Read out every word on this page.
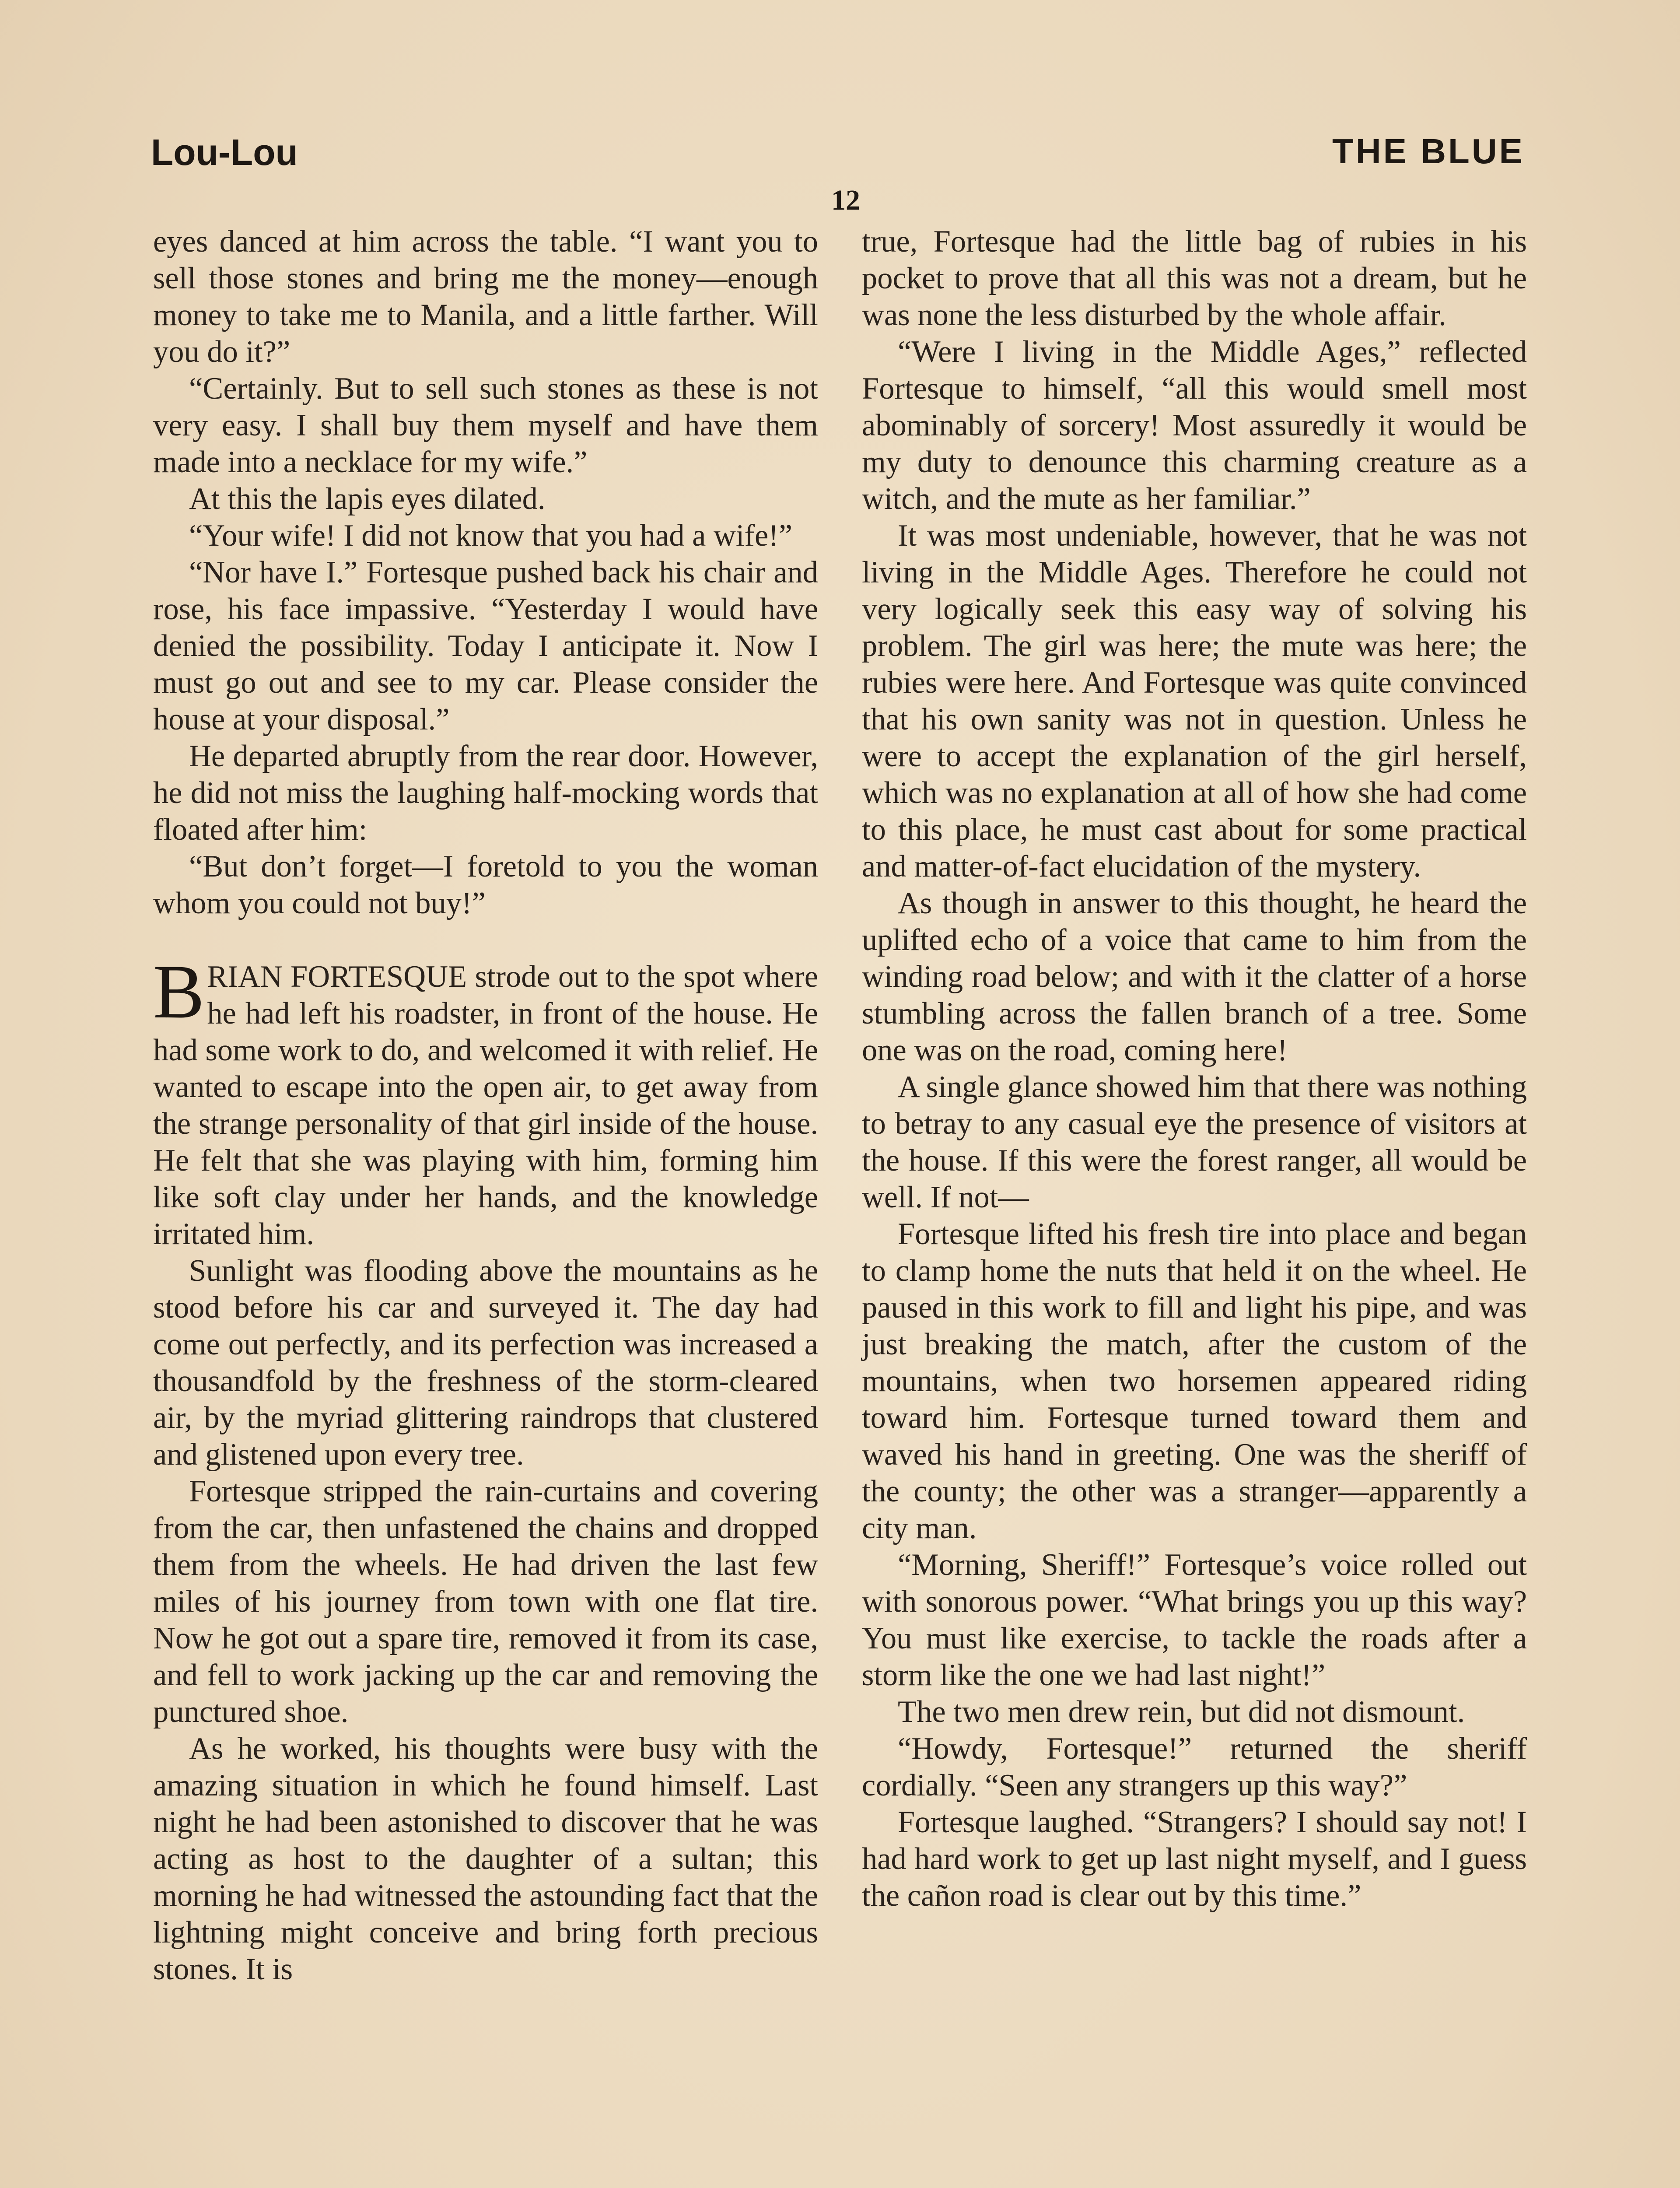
Lou-Lou	THE BLUE
12

eyes danced at him across the table. “I want you to sell those stones and bring me the money—enough money to take me to Manila, and a little farther. Will you do it?”

“Certainly. But to sell such stones as these is not very easy. I shall buy them myself and have them made into a necklace for my wife.”

At this the lapis eyes dilated.

“Your wife! I did not know that you had a wife!”

“Nor have I.” Fortesque pushed back his chair and rose, his face impassive. “Yesterday I would have denied the possibility. Today I anticipate it. Now I must go out and see to my car. Please consider the house at your disposal.”

He departed abruptly from the rear door. However, he did not miss the laughing half-mocking words that floated after him:

“But don’t forget—I foretold to you the woman whom you could not buy!”

BRIAN FORTESQUE strode out to the spot where he had left his roadster, in front of the house. He had some work to do, and welcomed it with relief. He wanted to escape into the open air, to get away from the strange personality of that girl inside of the house. He felt that she was playing with him, forming him like soft clay under her hands, and the knowledge irritated him.

Sunlight was flooding above the mountains as he stood before his car and surveyed it. The day had come out perfectly, and its perfection was increased a thousandfold by the freshness of the storm-cleared air, by the myriad glittering raindrops that clustered and glistened upon every tree.

Fortesque stripped the rain-curtains and covering from the car, then unfastened the chains and dropped them from the wheels. He had driven the last few miles of his journey from town with one flat tire. Now he got out a spare tire, removed it from its case, and fell to work jacking up the car and removing the punctured shoe.

As he worked, his thoughts were busy with the amazing situation in which he found himself. Last night he had been astonished to discover that he was acting as host to the daughter of a sultan; this morning he had witnessed the astounding fact that the lightning might conceive and bring forth precious stones. It is

true, Fortesque had the little bag of rubies in his pocket to prove that all this was not a dream, but he was none the less disturbed by the whole affair.

“Were I living in the Middle Ages,” reflected Fortesque to himself, “all this would smell most abominably of sorcery! Most assuredly it would be my duty to denounce this charming creature as a witch, and the mute as her familiar.”

It was most undeniable, however, that he was not living in the Middle Ages. Therefore he could not very logically seek this easy way of solving his problem. The girl was here; the mute was here; the rubies were here. And Fortesque was quite convinced that his own sanity was not in question. Unless he were to accept the explanation of the girl herself, which was no explanation at all of how she had come to this place, he must cast about for some practical and matter-of-fact elucidation of the mystery.

As though in answer to this thought, he heard the uplifted echo of a voice that came to him from the winding road below; and with it the clatter of a horse stumbling across the fallen branch of a tree. Some one was on the road, coming here!

A single glance showed him that there was nothing to betray to any casual eye the presence of visitors at the house. If this were the forest ranger, all would be well. If not—

Fortesque lifted his fresh tire into place and began to clamp home the nuts that held it on the wheel. He paused in this work to fill and light his pipe, and was just breaking the match, after the custom of the mountains, when two horsemen appeared riding toward him. Fortesque turned toward them and waved his hand in greeting. One was the sheriff of the county; the other was a stranger—apparently a city man.

“Morning, Sheriff!” Fortesque’s voice rolled out with sonorous power. “What brings you up this way? You must like exercise, to tackle the roads after a storm like the one we had last night!”

The two men drew rein, but did not dismount.

“Howdy, Fortesque!” returned the sheriff cordially. “Seen any strangers up this way?”

Fortesque laughed. “Strangers? I should say not! I had hard work to get up last night myself, and I guess the cañon road is clear out by this time.”
